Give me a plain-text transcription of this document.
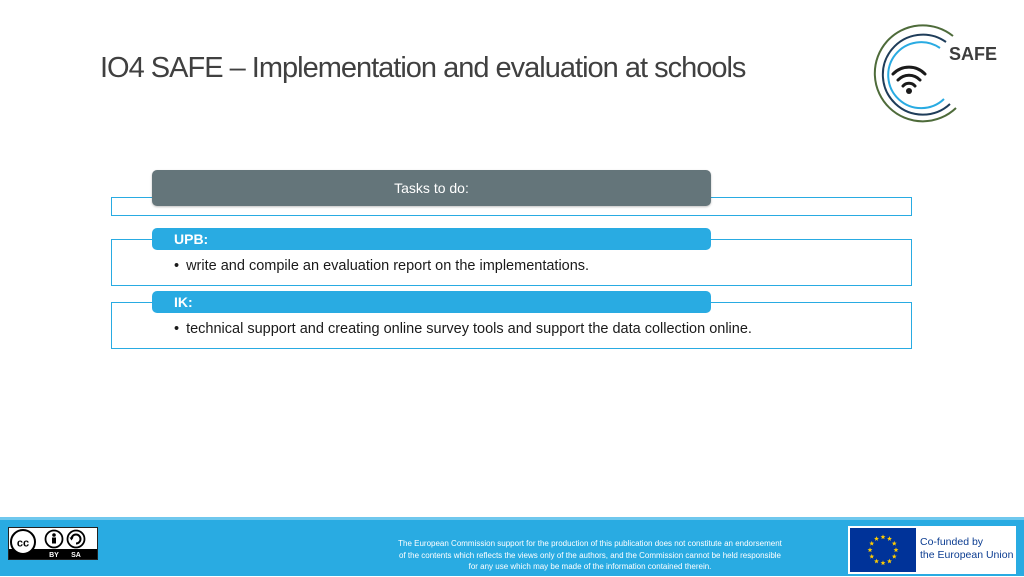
IO4 SAFE – Implementation and evaluation at schools	SAFE
Tasks to do:
UPB:
• write and compile an evaluation report on the implementations.
IK:
• technical support and creating online survey tools and support the data collection online.
cc
BY SA
The European Commission support for the production of this publication does not constitute an endorsement
of the contents which reflects the views only of the authors, and the Commission cannot be held responsible
for any use which may be made of the information contained therein.
Co-funded by
the European Union
